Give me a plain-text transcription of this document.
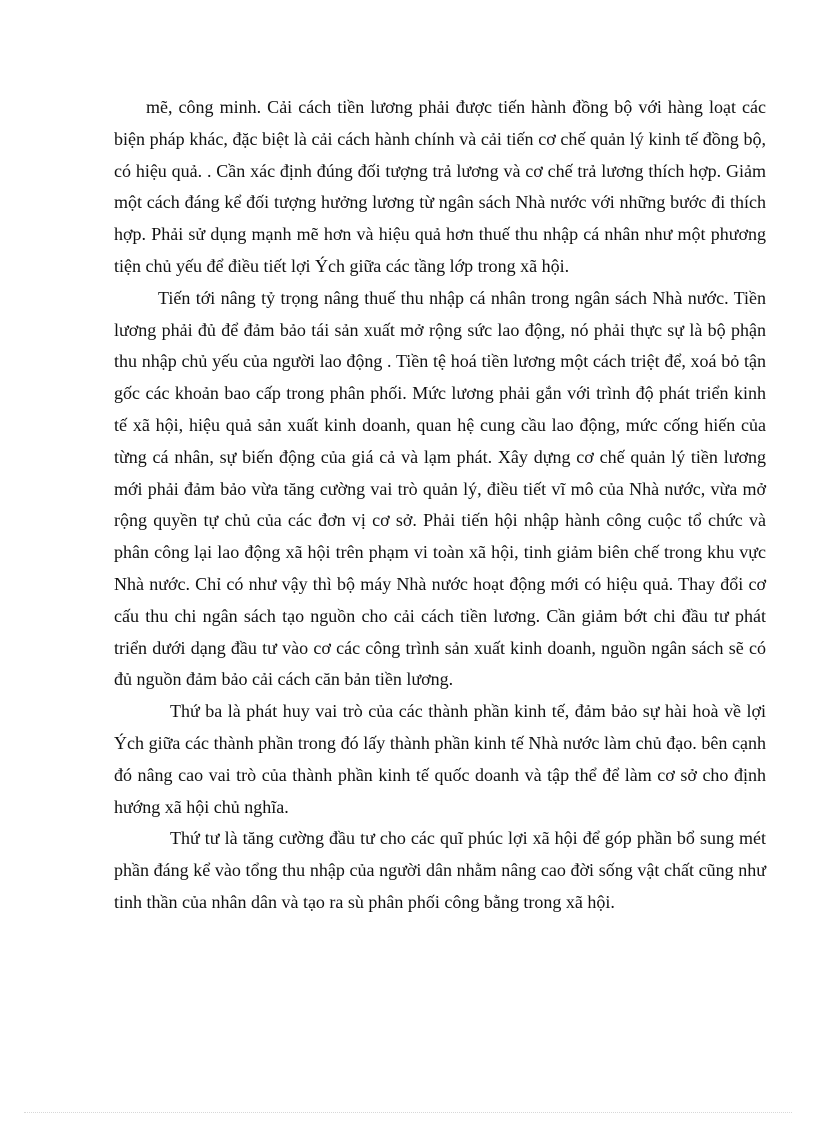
mẽ, công minh. Cải cách tiền lương phải được tiến hành đồng bộ với hàng loạt các biện pháp khác, đặc biệt là cải cách hành chính và cải tiến cơ chế quản lý kinh tế đồng bộ, có hiệu quả. . Cần xác định đúng đối tượng trả lương và cơ chế trả lương thích hợp. Giảm một cách đáng kể đối tượng hưởng lương từ ngân sách Nhà nước với những bước đi thích hợp. Phải sử dụng mạnh mẽ hơn và hiệu quả hơn thuế thu nhập cá nhân như một phương tiện chủ yếu để điều tiết lợi Ých giữa các tầng lớp trong xã hội.

Tiến tới nâng tỷ trọng nâng thuế thu nhập cá nhân trong ngân sách Nhà nước. Tiền lương phải đủ để đảm bảo tái sản xuất mở rộng sức lao động, nó phải thực sự là bộ phận thu nhập chủ yếu của người lao động . Tiền tệ hoá tiền lương một cách triệt để, xoá bỏ tận gốc các khoản bao cấp trong phân phối. Mức lương phải gắn với trình độ phát triển kinh tế xã hội, hiệu quả sản xuất kinh doanh, quan hệ cung cầu lao động, mức cống hiến của từng cá nhân, sự biến động của giá cả và lạm phát. Xây dựng cơ chế quản lý tiền lương mới phải đảm bảo vừa tăng cường vai trò quản lý, điều tiết vĩ mô của Nhà nước, vừa mở rộng quyền tự chủ của các đơn vị cơ sở. Phải tiến hội nhập hành công cuộc tổ chức và phân công lại lao động xã hội trên phạm vi toàn xã hội, tinh giảm biên chế trong khu vực Nhà nước. Chỉ có như vậy thì bộ máy Nhà nước hoạt động mới có hiệu quả. Thay đổi cơ cấu thu chi ngân sách tạo nguồn cho cải cách tiền lương. Cần giảm bớt chi đầu tư phát triển dưới dạng đầu tư vào cơ các công trình sản xuất kinh doanh, nguồn ngân sách sẽ có đủ nguồn đảm bảo cải cách căn bản tiền lương.

Thứ ba là phát huy vai trò của các thành phần kinh tế, đảm bảo sự hài hoà về lợi Ých giữa các thành phần trong đó lấy thành phần kinh tế Nhà nước làm chủ đạo. bên cạnh đó nâng cao vai trò của thành phần kinh tế quốc doanh và tập thể để làm cơ sở cho định hướng xã hội chủ nghĩa.

Thứ tư là tăng cường đầu tư cho các quĩ phúc lợi xã hội để góp phần bổ sung mét phần đáng kể vào tổng thu nhập của người dân nhằm nâng cao đời sống vật chất cũng như tinh thần của nhân dân và tạo ra sù phân phối công bằng trong xã hội.
